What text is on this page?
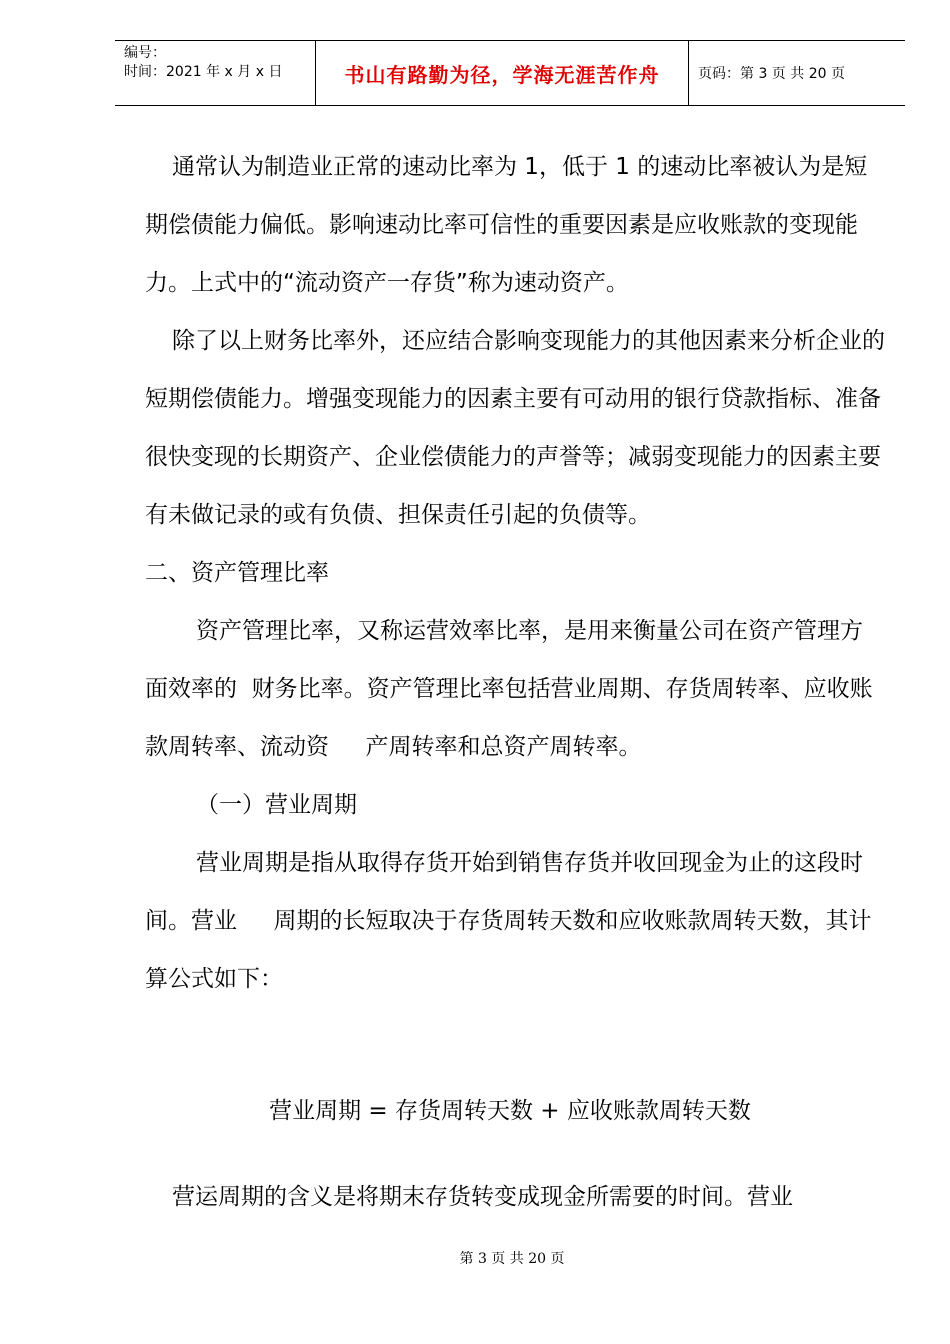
编号：
时间：2021 年 x 月 x 日	书山有路勤为径，学海无涯苦作舟	页码：第 3 页 共 20 页

通常认为制造业正常的速动比率为 1，低于 1 的速动比率被认为是短期偿债能力偏低。影响速动比率可信性的重要因素是应收账款的变现能力。上式中的“流动资产一存货”称为速动资产。

除了以上财务比率外，还应结合影响变现能力的其他因素来分析企业的短期偿债能力。增强变现能力的因素主要有可动用的银行贷款指标、准备很快变现的长期资产、企业偿债能力的声誉等；减弱变现能力的因素主要有未做记录的或有负债、担保责任引起的负债等。

二、资产管理比率

资产管理比率，又称运营效率比率，是用来衡量公司在资产管理方面效率的  财务比率。资产管理比率包括营业周期、存货周转率、应收账款周转率、流动资     产周转率和总资产周转率。

（一）营业周期

营业周期是指从取得存货开始到销售存货并收回现金为止的这段时间。营业     周期的长短取决于存货周转天数和应收账款周转天数，其计算公式如下：

营业周期 = 存货周转天数 + 应收账款周转天数
营运周期的含义是将期末存货转变成现金所需要的时间。营业
第 3 页 共 20 页
